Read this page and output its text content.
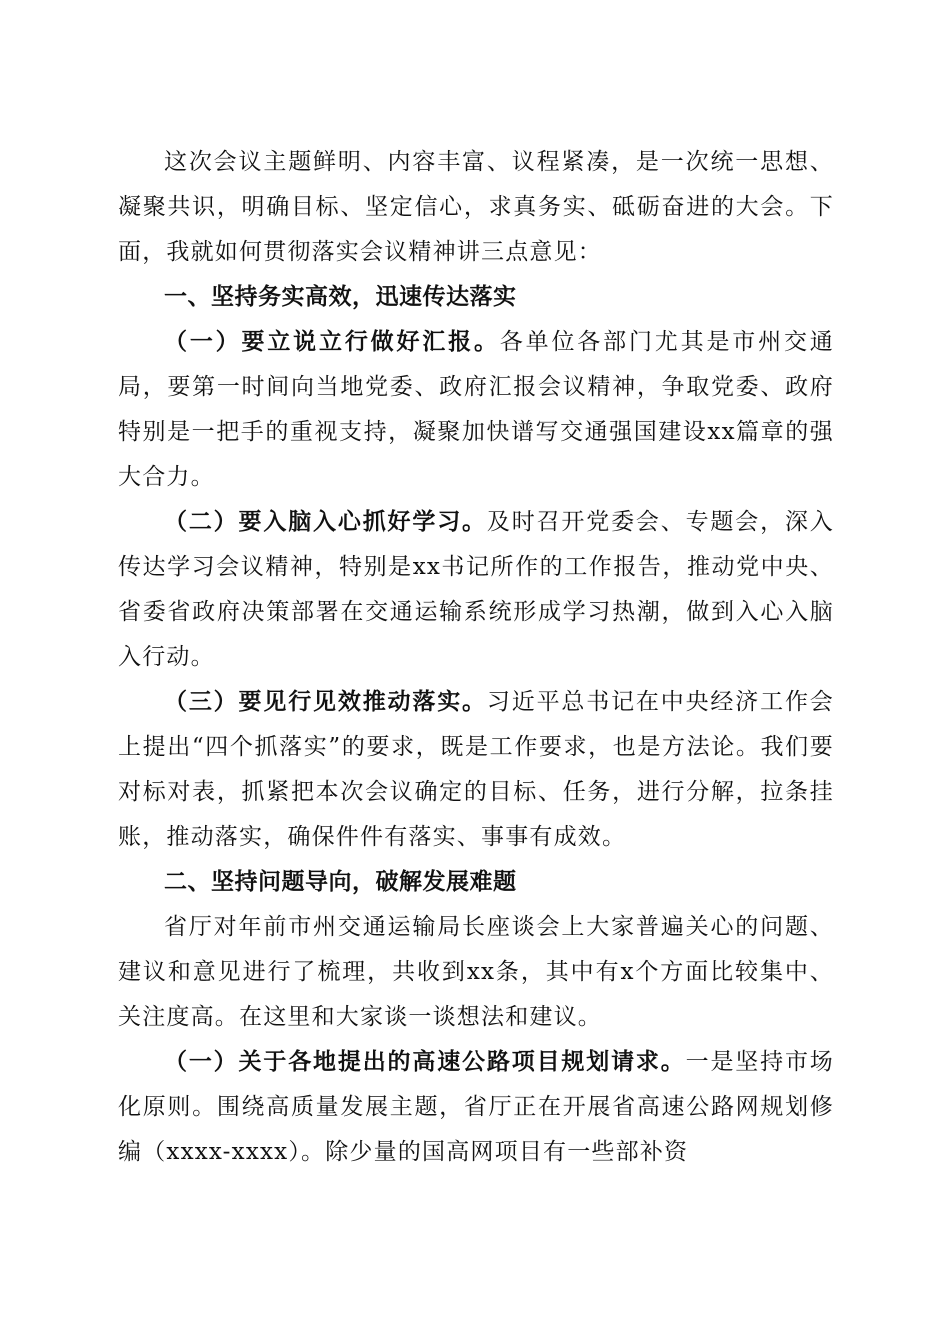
这次会议主题鲜明、内容丰富、议程紧凑，是一次统一思想、凝聚共识，明确目标、坚定信心，求真务实、砥砺奋进的大会。下面，我就如何贯彻落实会议精神讲三点意见：

一、坚持务实高效，迅速传达落实

（一）要立说立行做好汇报。各单位各部门尤其是市州交通局，要第一时间向当地党委、政府汇报会议精神，争取党委、政府特别是一把手的重视支持，凝聚加快谱写交通强国建设xx篇章的强大合力。

（二）要入脑入心抓好学习。及时召开党委会、专题会，深入传达学习会议精神，特别是xx书记所作的工作报告，推动党中央、省委省政府决策部署在交通运输系统形成学习热潮，做到入心入脑入行动。

（三）要见行见效推动落实。习近平总书记在中央经济工作会上提出“四个抓落实”的要求，既是工作要求，也是方法论。我们要对标对表，抓紧把本次会议确定的目标、任务，进行分解，拉条挂账，推动落实，确保件件有落实、事事有成效。

二、坚持问题导向，破解发展难题

省厅对年前市州交通运输局长座谈会上大家普遍关心的问题、建议和意见进行了梳理，共收到xx条，其中有x个方面比较集中、关注度高。在这里和大家谈一谈想法和建议。

（一）关于各地提出的高速公路项目规划请求。一是坚持市场化原则。围绕高质量发展主题，省厅正在开展省高速公路网规划修编（xxxx-xxxx）。除少量的国高网项目有一些部补资
